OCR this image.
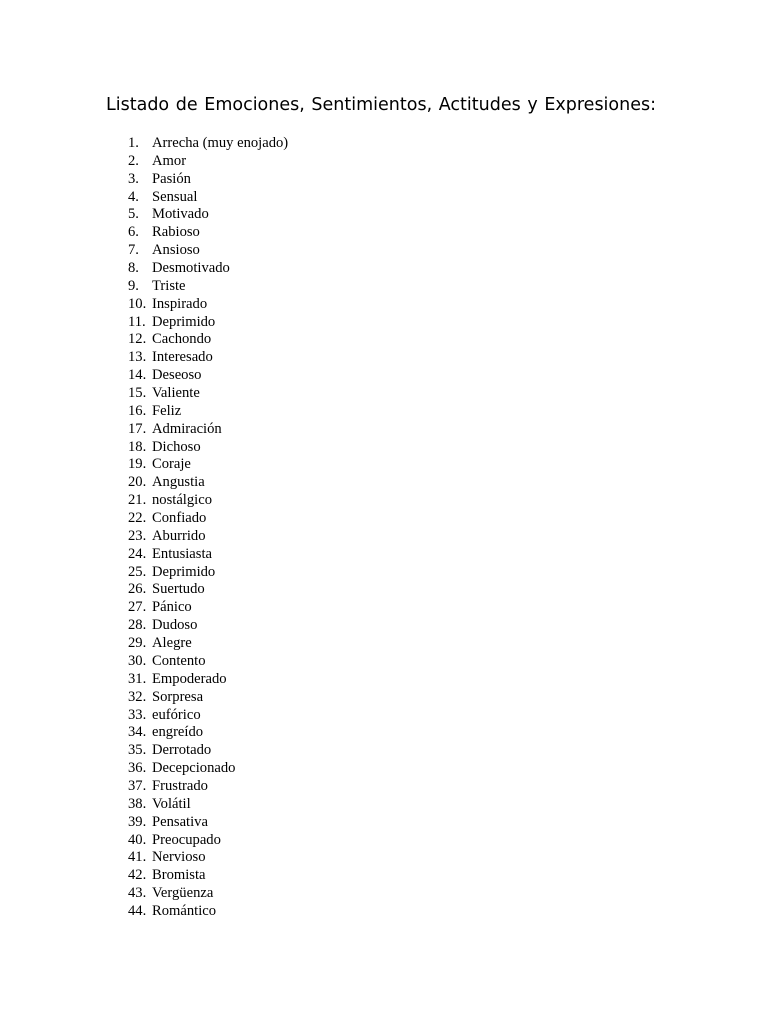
Listado de Emociones, Sentimientos, Actitudes y Expresiones:
1. Arrecha (muy enojado)
2. Amor
3. Pasión
4. Sensual
5. Motivado
6. Rabioso
7. Ansioso
8. Desmotivado
9. Triste
10. Inspirado
11. Deprimido
12. Cachondo
13. Interesado
14. Deseoso
15. Valiente
16. Feliz
17. Admiración
18. Dichoso
19. Coraje
20. Angustia
21. nostálgico
22. Confiado
23. Aburrido
24. Entusiasta
25. Deprimido
26. Suertudo
27. Pánico
28. Dudoso
29. Alegre
30. Contento
31. Empoderado
32. Sorpresa
33. eufórico
34. engreído
35. Derrotado
36. Decepcionado
37. Frustrado
38. Volátil
39. Pensativa
40. Preocupado
41. Nervioso
42. Bromista
43. Vergüenza
44. Romántico
